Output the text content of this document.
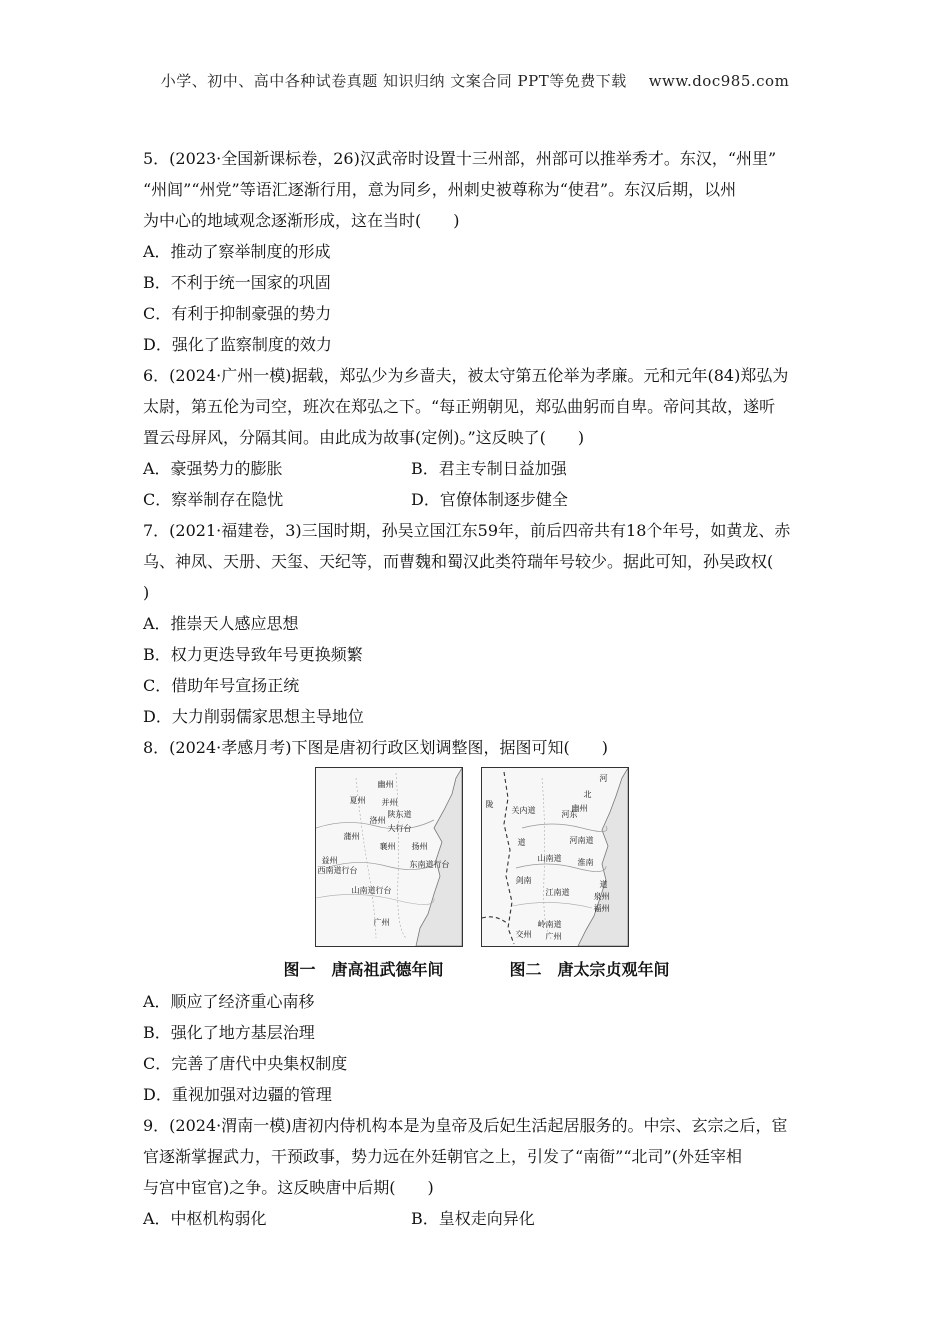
小学、初中、高中各种试卷真题 知识归纳 文案合同 PPT等免费下载 www.doc985.com
5．(2023·全国新课标卷，26)汉武帝时设置十三州部，州部可以推举秀才。东汉，“州里”
“州闾”“州党”等语汇逐渐行用，意为同乡，州刺史被尊称为“使君”。东汉后期，以州
为中心的地域观念逐渐形成，这在当时(　　)
A．推动了察举制度的形成
B．不利于统一国家的巩固
C．有利于抑制豪强的势力
D．强化了监察制度的效力
6．(2024·广州一模)据载，郑弘少为乡啬夫，被太守第五伦举为孝廉。元和元年(84)郑弘为
太尉，第五伦为司空，班次在郑弘之下。“每正朔朝见，郑弘曲躬而自卑。帝问其故，遂听
置云母屏风，分隔其间。由此成为故事(定例)。”这反映了(　　)
A．豪强势力的膨胀	B．君主专制日益加强
C．察举制存在隐忧	D．官僚体制逐步健全
7．(2021·福建卷，3)三国时期，孙吴立国江东59年，前后四帝共有18个年号，如黄龙、赤
乌、神凤、天册、天玺、天纪等，而曹魏和蜀汉此类符瑞年号较少。据此可知，孙吴政权(
)
A．推崇天人感应思想
B．权力更迭导致年号更换频繁
C．借助年号宣扬正统
D．大力削弱儒家思想主导地位
8．(2024·孝感月考)下图是唐初行政区划调整图，据图可知(　　)
幽州
夏州 并州
陕东道
洛州
大行台
蒲州
襄州
益州
扬州
西南道行台
东南道行台
山南道行台
广州
河
北
陇
关内道	幽州
河东
道	河南道
山南道 淮南
剑南
江南道	泉州
福州
岭南道
交州 广州
道
图一　唐高祖武德年间	图二　唐太宗贞观年间
A．顺应了经济重心南移
B．强化了地方基层治理
C．完善了唐代中央集权制度
D．重视加强对边疆的管理
9．(2024·渭南一模)唐初内侍机构本是为皇帝及后妃生活起居服务的。中宗、玄宗之后，宦
官逐渐掌握武力，干预政事，势力远在外廷朝官之上，引发了“南衙”“北司”(外廷宰相
与宫中宦官)之争。这反映唐中后期(　　)
A．中枢机构弱化	B．皇权走向异化
